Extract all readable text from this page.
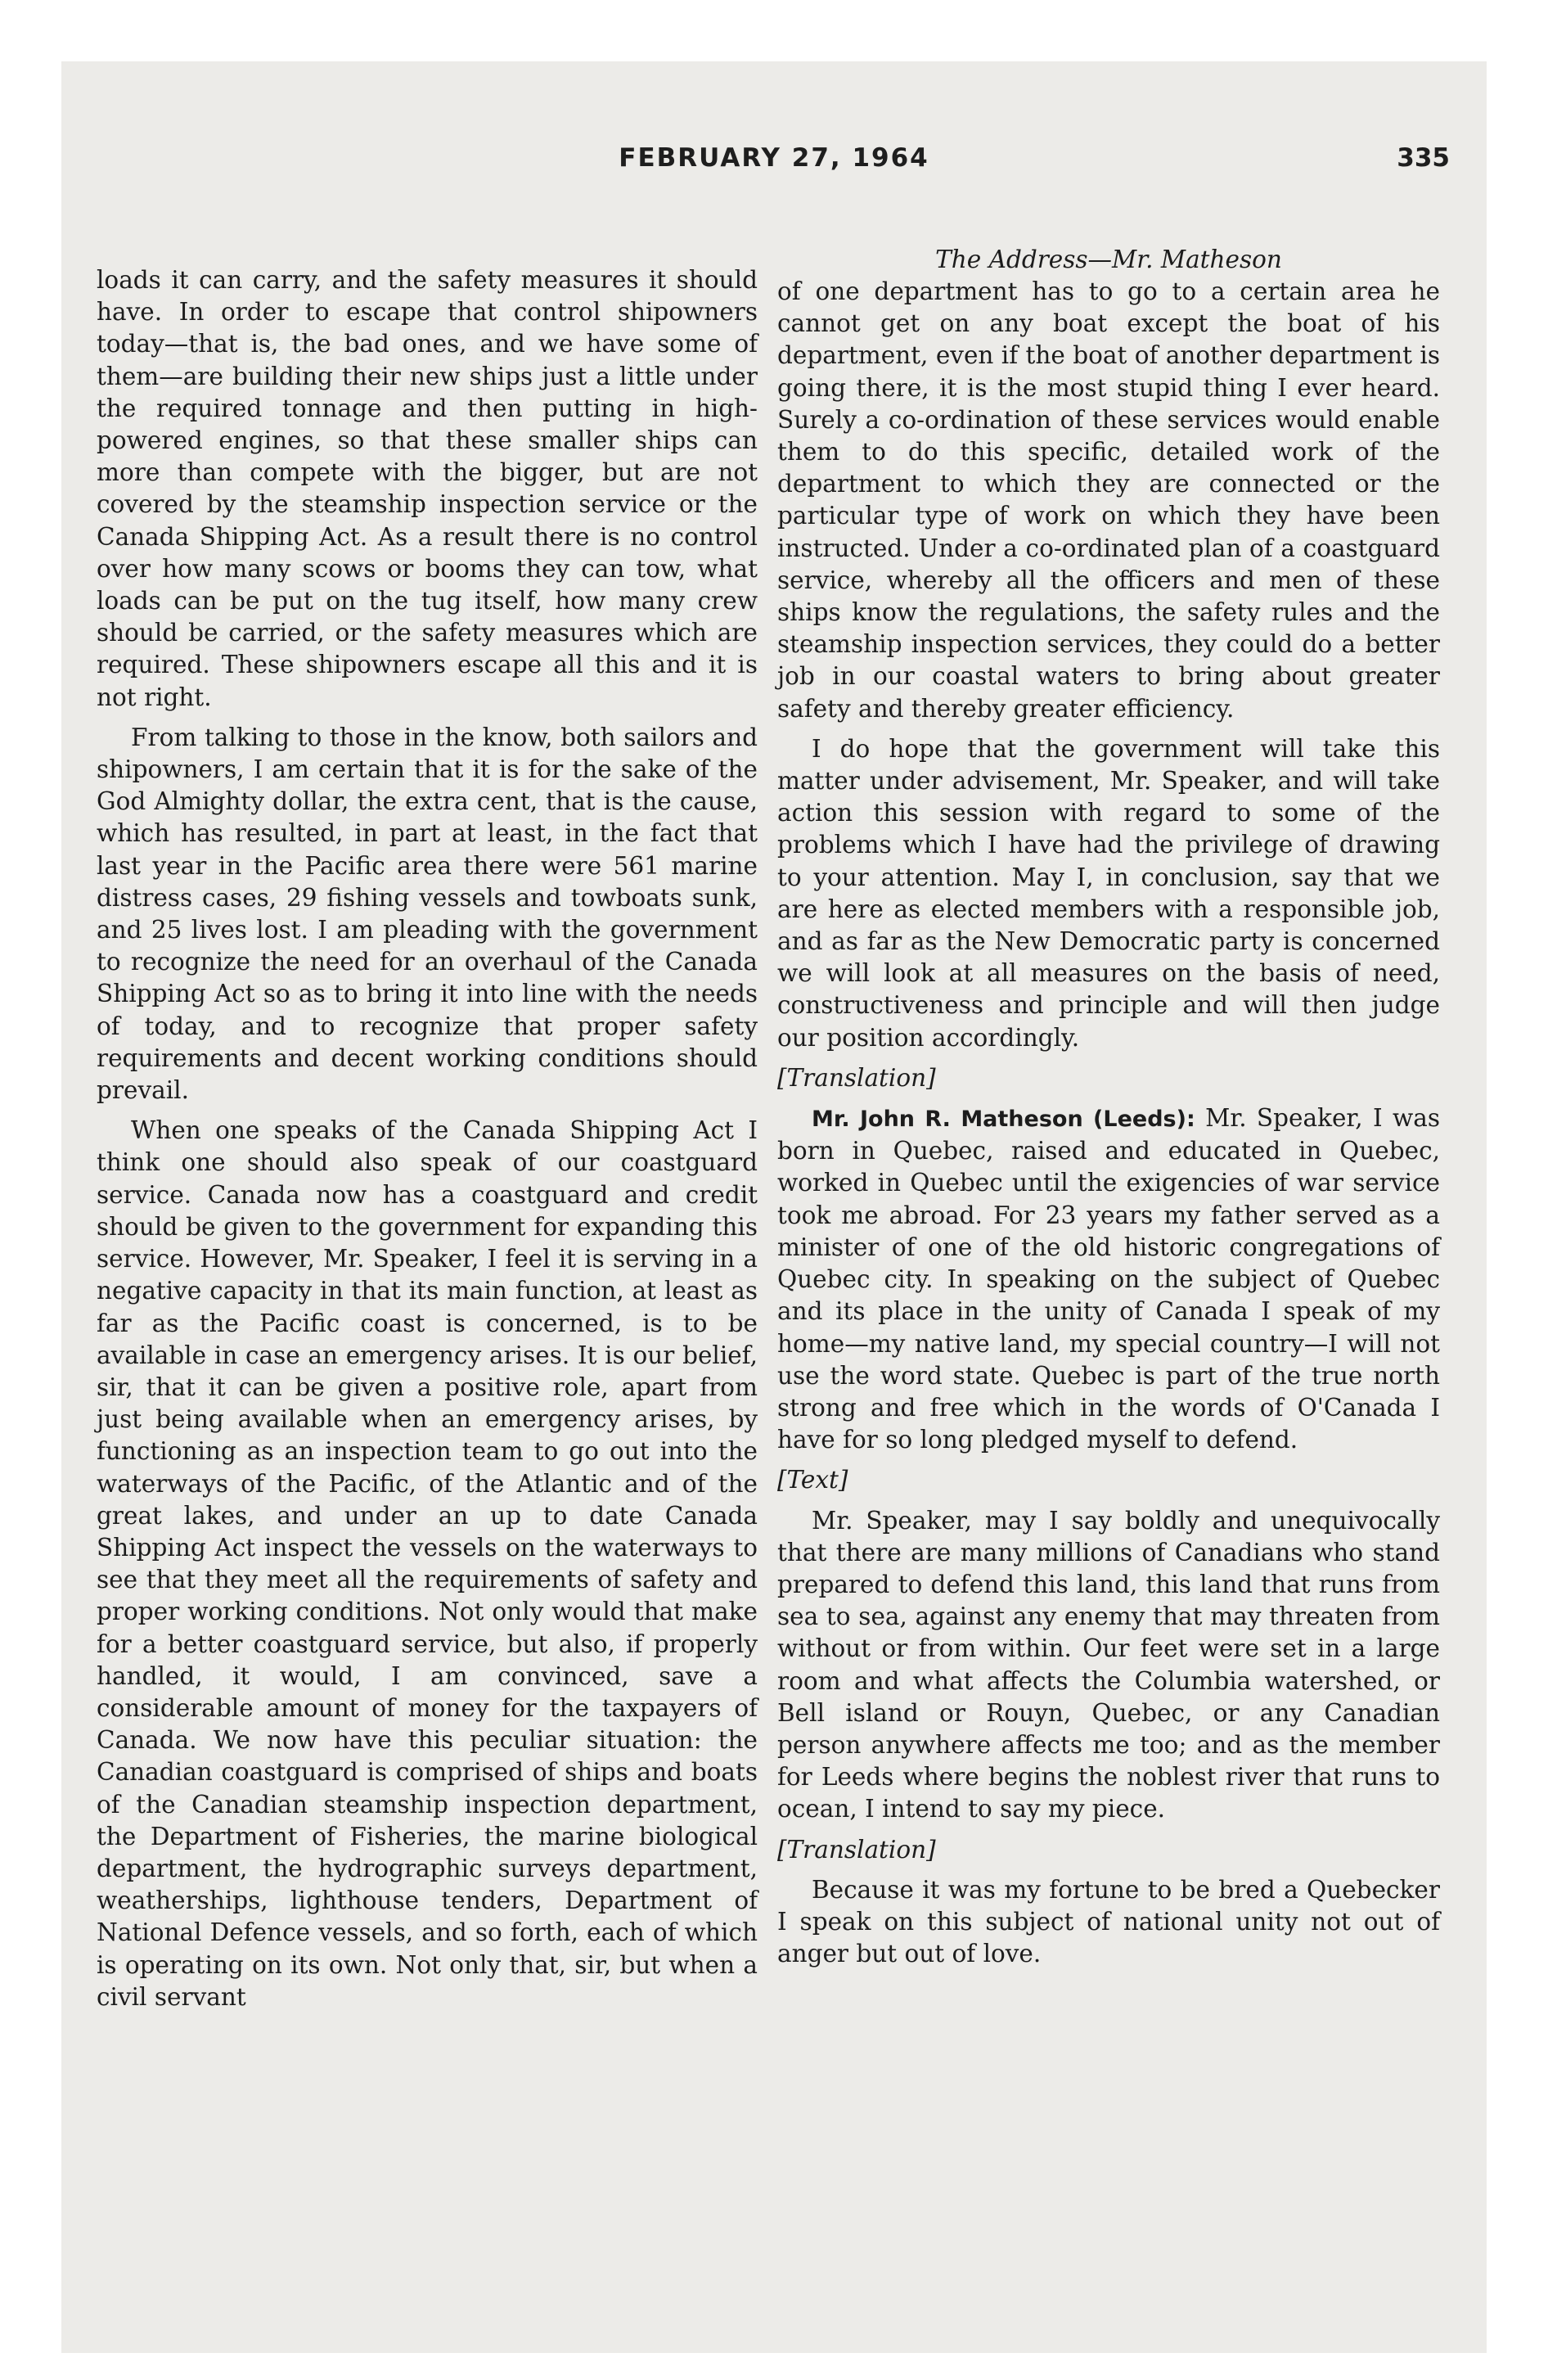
FEBRUARY 27, 1964	335

loads it can carry, and the safety measures it should have. In order to escape that control shipowners today—that is, the bad ones, and we have some of them—are building their new ships just a little under the required tonnage and then putting in high-powered engines, so that these smaller ships can more than compete with the bigger, but are not covered by the steamship inspection service or the Canada Shipping Act. As a result there is no control over how many scows or booms they can tow, what loads can be put on the tug itself, how many crew should be carried, or the safety measures which are required. These shipowners escape all this and it is not right.

From talking to those in the know, both sailors and shipowners, I am certain that it is for the sake of the God Almighty dollar, the extra cent, that is the cause, which has resulted, in part at least, in the fact that last year in the Pacific area there were 561 marine distress cases, 29 fishing vessels and towboats sunk, and 25 lives lost. I am pleading with the government to recognize the need for an overhaul of the Canada Shipping Act so as to bring it into line with the needs of today, and to recognize that proper safety requirements and decent working conditions should prevail.

When one speaks of the Canada Shipping Act I think one should also speak of our coastguard service. Canada now has a coastguard and credit should be given to the government for expanding this service. However, Mr. Speaker, I feel it is serving in a negative capacity in that its main function, at least as far as the Pacific coast is concerned, is to be available in case an emergency arises. It is our belief, sir, that it can be given a positive role, apart from just being available when an emergency arises, by functioning as an inspection team to go out into the waterways of the Pacific, of the Atlantic and of the great lakes, and under an up to date Canada Shipping Act inspect the vessels on the waterways to see that they meet all the requirements of safety and proper working conditions. Not only would that make for a better coastguard service, but also, if properly handled, it would, I am convinced, save a considerable amount of money for the taxpayers of Canada. We now have this peculiar situation: the Canadian coastguard is comprised of ships and boats of the Canadian steamship inspection department, the Department of Fisheries, the marine biological department, the hydrographic surveys department, weatherships, lighthouse tenders, Department of National Defence vessels, and so forth, each of which is operating on its own. Not only that, sir, but when a civil servant

The Address—Mr. Matheson

of one department has to go to a certain area he cannot get on any boat except the boat of his department, even if the boat of another department is going there, it is the most stupid thing I ever heard. Surely a co-ordination of these services would enable them to do this specific, detailed work of the department to which they are connected or the particular type of work on which they have been instructed. Under a co-ordinated plan of a coastguard service, whereby all the officers and men of these ships know the regulations, the safety rules and the steamship inspection services, they could do a better job in our coastal waters to bring about greater safety and thereby greater efficiency.

I do hope that the government will take this matter under advisement, Mr. Speaker, and will take action this session with regard to some of the problems which I have had the privilege of drawing to your attention. May I, in conclusion, say that we are here as elected members with a responsible job, and as far as the New Democratic party is concerned we will look at all measures on the basis of need, constructiveness and principle and will then judge our position accordingly.

[Translation]

Mr. John R. Matheson (Leeds): Mr. Speaker, I was born in Quebec, raised and educated in Quebec, worked in Quebec until the exigencies of war service took me abroad. For 23 years my father served as a minister of one of the old historic congregations of Quebec city. In speaking on the subject of Quebec and its place in the unity of Canada I speak of my home—my native land, my special country—I will not use the word state. Quebec is part of the true north strong and free which in the words of O'Canada I have for so long pledged myself to defend.

[Text]

Mr. Speaker, may I say boldly and unequivocally that there are many millions of Canadians who stand prepared to defend this land, this land that runs from sea to sea, against any enemy that may threaten from without or from within. Our feet were set in a large room and what affects the Columbia watershed, or Bell island or Rouyn, Quebec, or any Canadian person anywhere affects me too; and as the member for Leeds where begins the noblest river that runs to ocean, I intend to say my piece.

[Translation]

Because it was my fortune to be bred a Quebecker I speak on this subject of national unity not out of anger but out of love.
